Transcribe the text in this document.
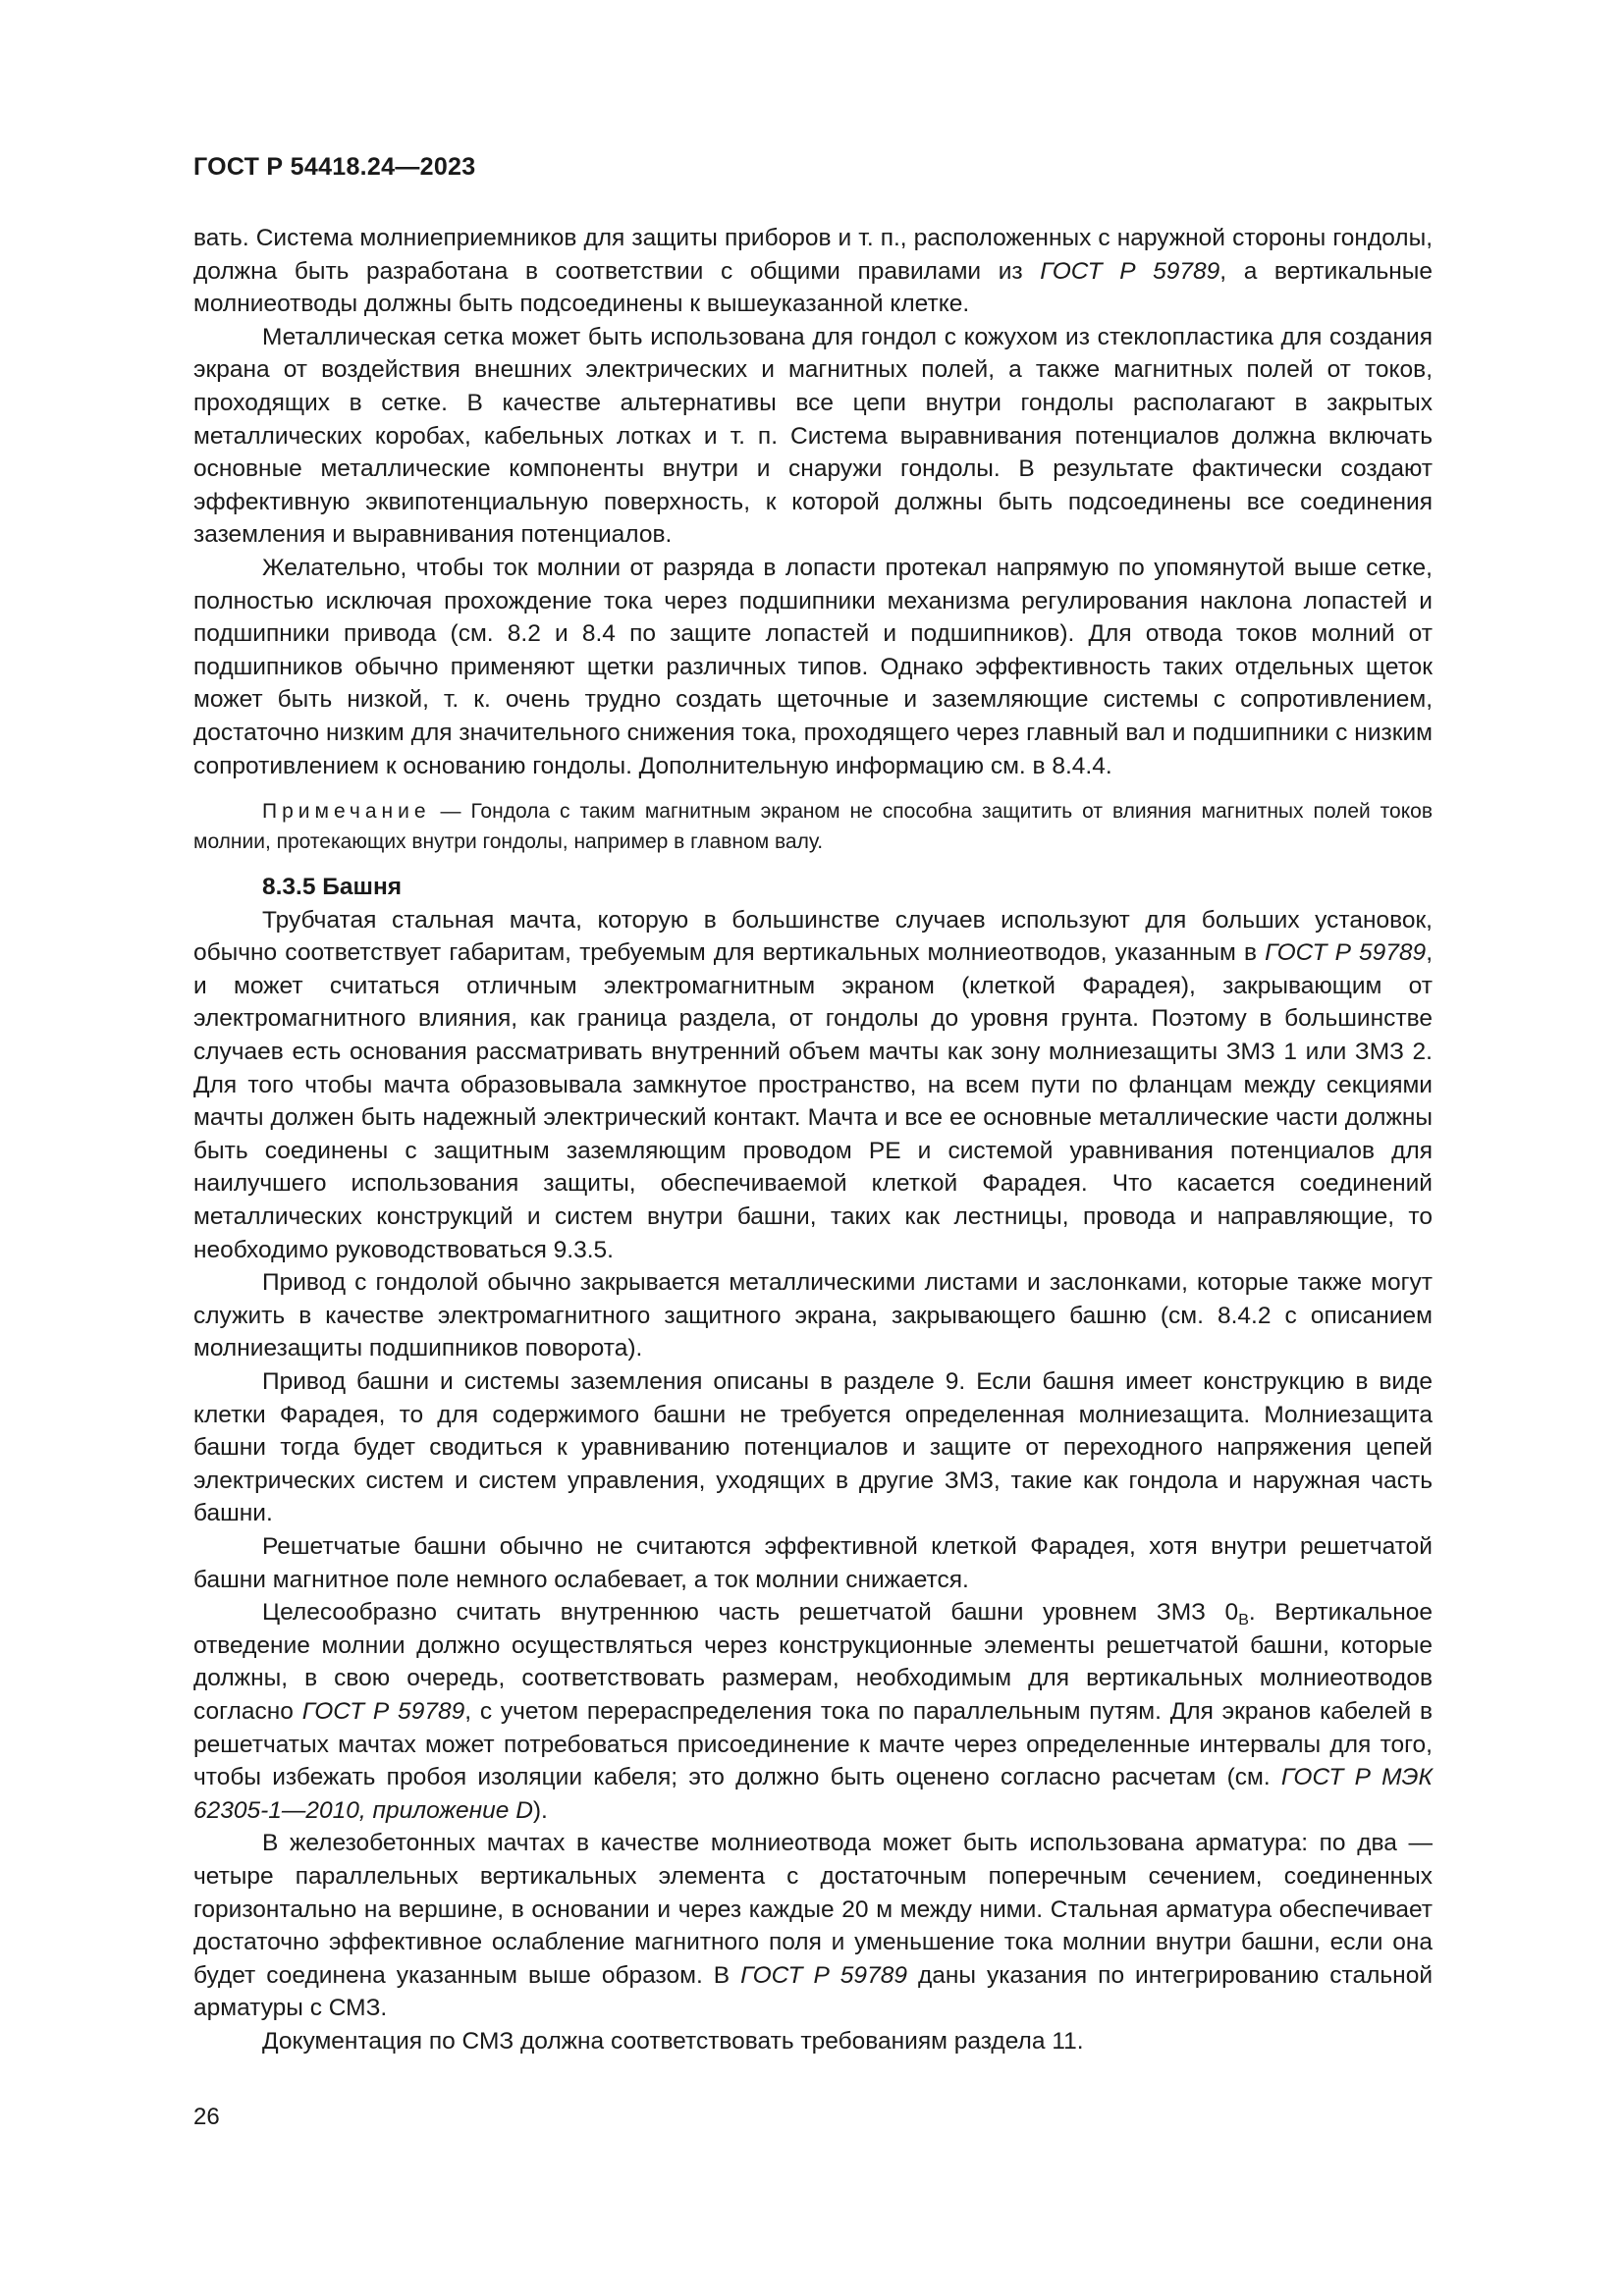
ГОСТ Р 54418.24—2023

вать. Система молниеприемников для защиты приборов и т. п., расположенных с наружной стороны гондолы, должна быть разработана в соответствии с общими правилами из ГОСТ Р 59789, а вертикальные молниеотводы должны быть подсоединены к вышеуказанной клетке.

Металлическая сетка может быть использована для гондол с кожухом из стеклопластика для создания экрана от воздействия внешних электрических и магнитных полей, а также магнитных полей от токов, проходящих в сетке. В качестве альтернативы все цепи внутри гондолы располагают в закрытых металлических коробах, кабельных лотках и т. п. Система выравнивания потенциалов должна включать основные металлические компоненты внутри и снаружи гондолы. В результате фактически создают эффективную эквипотенциальную поверхность, к которой должны быть подсоединены все соединения заземления и выравнивания потенциалов.

Желательно, чтобы ток молнии от разряда в лопасти протекал напрямую по упомянутой выше сетке, полностью исключая прохождение тока через подшипники механизма регулирования наклона лопастей и подшипники привода (см. 8.2 и 8.4 по защите лопастей и подшипников). Для отвода токов молний от подшипников обычно применяют щетки различных типов. Однако эффективность таких отдельных щеток может быть низкой, т. к. очень трудно создать щеточные и заземляющие системы с сопротивлением, достаточно низким для значительного снижения тока, проходящего через главный вал и подшипники с низким сопротивлением к основанию гондолы. Дополнительную информацию см. в 8.4.4.

Примечание — Гондола с таким магнитным экраном не способна защитить от влияния магнитных полей токов молнии, протекающих внутри гондолы, например в главном валу.
8.3.5 Башня

Трубчатая стальная мачта, которую в большинстве случаев используют для больших установок, обычно соответствует габаритам, требуемым для вертикальных молниеотводов, указанным в ГОСТ Р 59789, и может считаться отличным электромагнитным экраном (клеткой Фарадея), закрывающим от электромагнитного влияния, как граница раздела, от гондолы до уровня грунта. Поэтому в большинстве случаев есть основания рассматривать внутренний объем мачты как зону молниезащиты ЗМЗ 1 или ЗМЗ 2. Для того чтобы мачта образовывала замкнутое пространство, на всем пути по фланцам между секциями мачты должен быть надежный электрический контакт. Мачта и все ее основные металлические части должны быть соединены с защитным заземляющим проводом PE и системой уравнивания потенциалов для наилучшего использования защиты, обеспечиваемой клеткой Фарадея. Что касается соединений металлических конструкций и систем внутри башни, таких как лестницы, провода и направляющие, то необходимо руководствоваться 9.3.5.

Привод с гондолой обычно закрывается металлическими листами и заслонками, которые также могут служить в качестве электромагнитного защитного экрана, закрывающего башню (см. 8.4.2 с описанием молниезащиты подшипников поворота).

Привод башни и системы заземления описаны в разделе 9. Если башня имеет конструкцию в виде клетки Фарадея, то для содержимого башни не требуется определенная молниезащита. Молниезащита башни тогда будет сводиться к уравниванию потенциалов и защите от переходного напряжения цепей электрических систем и систем управления, уходящих в другие ЗМЗ, такие как гондола и наружная часть башни.

Решетчатые башни обычно не считаются эффективной клеткой Фарадея, хотя внутри решетчатой башни магнитное поле немного ослабевает, а ток молнии снижается.

Целесообразно считать внутреннюю часть решетчатой башни уровнем ЗМЗ $0_B$. Вертикальное отведение молнии должно осуществляться через конструкционные элементы решетчатой башни, которые должны, в свою очередь, соответствовать размерам, необходимым для вертикальных молниеотводов согласно ГОСТ Р 59789, с учетом перераспределения тока по параллельным путям. Для экранов кабелей в решетчатых мачтах может потребоваться присоединение к мачте через определенные интервалы для того, чтобы избежать пробоя изоляции кабеля; это должно быть оценено согласно расчетам (см. ГОСТ Р МЭК 62305-1—2010, приложение D).

В железобетонных мачтах в качестве молниеотвода может быть использована арматура: по два — четыре параллельных вертикальных элемента с достаточным поперечным сечением, соединенных горизонтально на вершине, в основании и через каждые 20 м между ними. Стальная арматура обеспечивает достаточно эффективное ослабление магнитного поля и уменьшение тока молнии внутри башни, если она будет соединена указанным выше образом. В ГОСТ Р 59789 даны указания по интегрированию стальной арматуры с СМЗ.

Документация по СМЗ должна соответствовать требованиям раздела 11.

26
